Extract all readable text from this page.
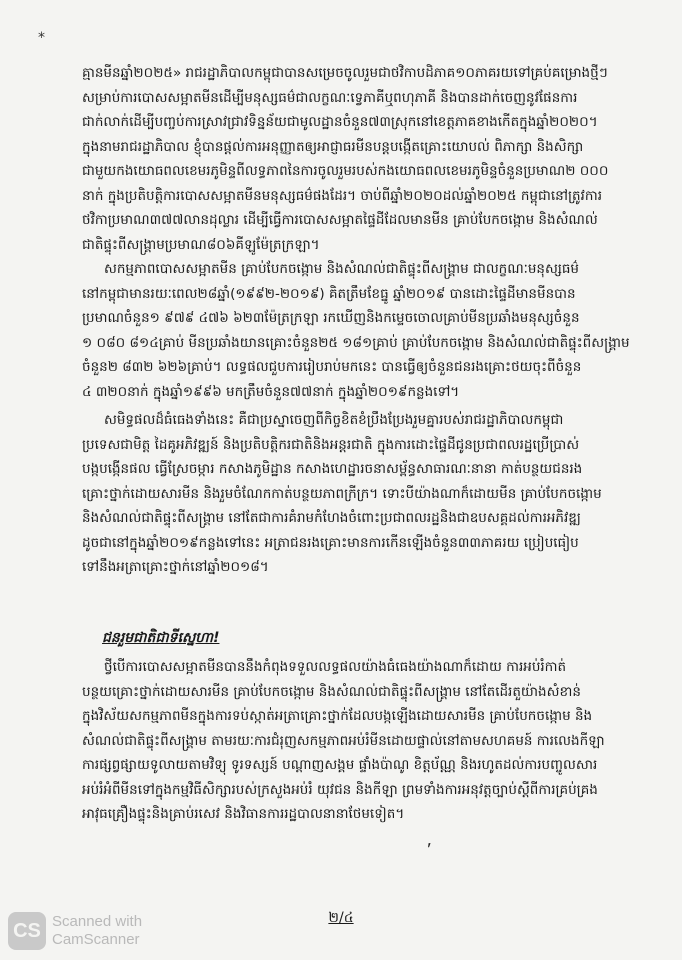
*
គ្មានមីនឆ្នាំ២០២៥» រាជរដ្ឋាភិបាលកម្ពុជាបានសម្រេចចូលរួមជាថវិកាបដិភាគ១០ភាគរយទៅគ្រប់គម្រោងថ្មីៗ
សម្រាប់ការបោសសម្អាតមីនដើម្បីមនុស្សធម៌ជាលក្ខណៈទ្វេភាគីឬពហុភាគី និងបានដាក់ចេញនូវផែនការ
ជាក់លាក់ដើម្បីបញ្ចប់ការស្រាវជ្រាវទិន្នន័យជាមូលដ្ឋានចំនួន៧៣ស្រុកនៅខេត្តភាគខាងកើតក្នុងឆ្នាំ២០២០។
ក្នុងនាមរាជរដ្ឋាភិបាល ខ្ញុំបានផ្តល់ការអនុញ្ញាតឲ្យអាជ្ញាធរមីនបន្តបង្កើតគ្រោះយោបល់ ពិភាក្សា និងសិក្សា
ជាមួយកងយោធពលខេមរភូមិន្ទពីលទ្ធភាពនៃការចូលរួមរបស់កងយោធពលខេមរភូមិន្ទចំនួនប្រមាណ២ ០០០
នាក់ ក្នុងប្រតិបត្តិការបោសសម្អាតមីនមនុស្សធម៌ផងដែរ។ ចាប់ពីឆ្នាំ២០២០ដល់ឆ្នាំ២០២៥ កម្ពុជានៅត្រូវការ
ថវិកាប្រមាណ៣៧៧លានដុល្លារ ដើម្បីធ្វើការបោសសម្អាតផ្ទៃដីដែលមានមីន គ្រាប់បែកចង្កោម និងសំណល់
ជាតិផ្ទុះពីសង្គ្រាមប្រមាណ៨០៦គីឡូម៉ែត្រក្រឡា។
សកម្មភាពបោសសម្អាតមីន គ្រាប់បែកចង្កោម និងសំណល់ជាតិផ្ទុះពីសង្គ្រាម ជាលក្ខណៈមនុស្សធម៌
នៅកម្ពុជាមានរយៈពេល២៨ឆ្នាំ(១៩៩២-២០១៩) គិតត្រឹមខែធ្នូ ឆ្នាំ២០១៩ បានដោះផ្ទៃដីមានមីនបាន
ប្រមាណចំនួន១ ៩៧៩ ៤៧៦ ៦២៣ម៉ែត្រក្រឡា រកឃើញនិងកម្ទេចចោលគ្រាប់មីនប្រឆាំងមនុស្សចំនួន
១ ០៨០ ៨១៤គ្រាប់ មីនប្រឆាំងយានគ្រោះចំនួន២៥ ១៨១គ្រាប់ គ្រាប់បែកចង្កោម និងសំណល់ជាតិផ្ទុះពីសង្គ្រាម
ចំនួន២ ៨៣២ ៦២៦គ្រាប់។ លទ្ធផលជួបការរៀបរាប់មកនេះ បានធ្វើឲ្យចំនួនជនរងគ្រោះថយចុះពីចំនួន
៤ ៣២០នាក់ ក្នុងឆ្នាំ១៩៩៦ មកត្រឹមចំនួន៧៧នាក់ ក្នុងឆ្នាំ២០១៩កន្លងទៅ។
សមិទ្ធផលដ៏ធំធេងទាំងនេះ គឺជាប្រស្នាចេញពីកិច្ចខិតខំប្រឹងប្រែងរួមគ្នារបស់រាជរដ្ឋាភិបាលកម្ពុជា
ប្រទេសជាមិត្ត ដៃគូអភិវឌ្ឍន៍ និងប្រតិបត្តិករជាតិនិងអន្តរជាតិ ក្នុងការដោះផ្ទៃដីជូនប្រជាពលរដ្ឋប្រើប្រាស់
បង្កបង្កើនផល ធ្វើស្រែចម្ការ កសាងភូមិដ្ឋាន កសាងហេដ្ឋារចនាសម្ព័ន្ធសាធារណៈនានា កាត់បន្ថយជនរង
គ្រោះថ្នាក់ដោយសារមីន និងរួមចំណែកកាត់បន្ថយភាពក្រីក្រ។ ទោះបីយ៉ាងណាក៏ដោយមីន គ្រាប់បែកចង្កោម
និងសំណល់ជាតិផ្ទុះពីសង្គ្រាម នៅតែជាការគំរាមកំហែងចំពោះប្រជាពលរដ្ឋនិងជាឧបសគ្គដល់ការអភិវឌ្ឍ
ដូចជានៅក្នុងឆ្នាំ២០១៩កន្លងទៅនេះ អត្រាជនរងគ្រោះមានការកើនឡើងចំនួន៣៣ភាគរយ ប្រៀបធៀប
ទៅនឹងអត្រាគ្រោះថ្នាក់នៅឆ្នាំ២០១៨។
ជនរួមជាតិជាទីស្នេហា!
ថ្វីបើការបោសសម្អាតមីនបាននឹងកំពុងទទួលលទ្ធផលយ៉ាងធំធេងយ៉ាងណាក៏ដោយ ការអប់រំកាត់
បន្ថយគ្រោះថ្នាក់ដោយសារមីន គ្រាប់បែកចង្កោម និងសំណល់ជាតិផ្ទុះពីសង្គ្រាម នៅតែដើរតួយ៉ាងសំខាន់
ក្នុងវិស័យសកម្មភាពមីនក្នុងការទប់ស្កាត់អត្រាគ្រោះថ្នាក់ដែលបង្កឡើងដោយសារមីន គ្រាប់បែកចង្កោម និង
សំណល់ជាតិផ្ទុះពីសង្គ្រាម តាមរយៈការជំរុញសកម្មភាពអប់រំមីនដោយផ្ទាល់នៅតាមសហគមន៍ ការលេងកីឡា
ការផ្សព្វផ្សាយទូលាយតាមវិទ្យុ ទូរទស្សន៍ បណ្តាញសង្គម ផ្ទាំងប៉ាណូ ខិត្តប័ណ្ណ និងរហូតដល់ការបញ្ចូលសារ
អប់រំអំពីមីនទៅក្នុងកម្មវិធីសិក្សារបស់ក្រសួងអប់រំ យុវជន និងកីឡា ព្រមទាំងការអនុវត្តច្បាប់ស្តីពីការគ្រប់គ្រង
អាវុធគ្រឿងផ្ទុះនិងគ្រាប់រសេវ និងវិធានការរដ្ឋបាលនានាថែមទៀត។
២/៤
CS Scanned with
CamScanner
